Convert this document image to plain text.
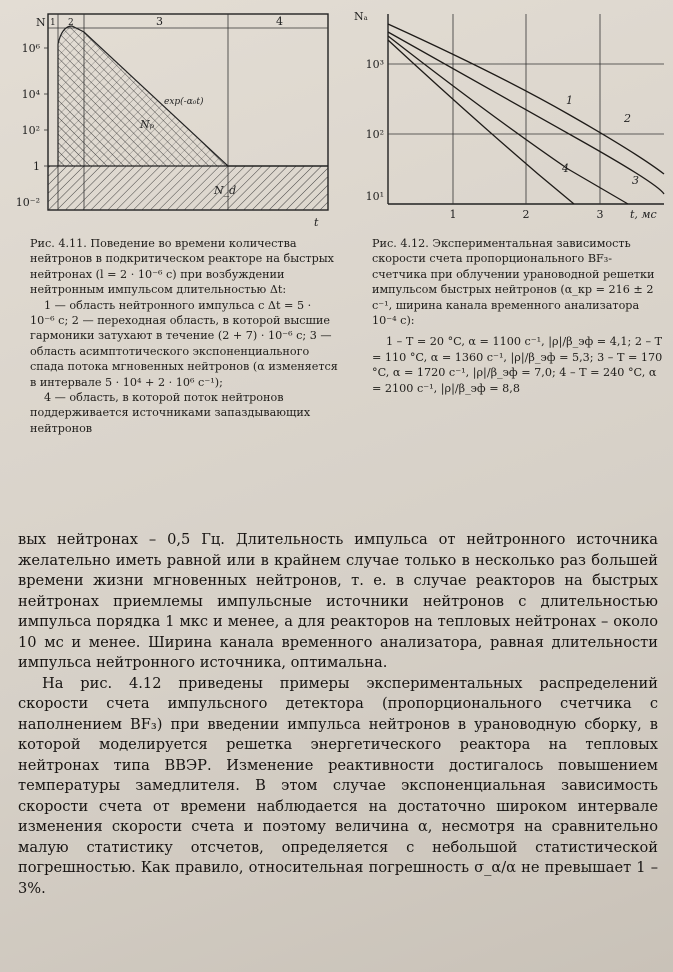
10⁶
10⁴
10²
1
10⁻²
N
t
1 2	3	4
exp(-α₀t)
Nₚ
N_d
1
2
3
4
Nₐ
10³
10²
10¹
1	2	3 t, мс

Рис. 4.11. Поведение во времени количества нейтронов в подкритическом реакторе на быстрых нейтронах (l = 2 · 10⁻⁶ с) при возбуждении нейтронным импульсом длительностью Δt:

1 — область нейтронного импульса с Δt = 5 · 10⁻⁶ с; 2 — переходная область, в которой высшие гармоники затухают в течение (2 + 7) · 10⁻⁶ с; 3 — область асимптотического экспоненциального спада потока мгновенных нейтронов (α изменяется в интервале 5 · 10⁴ + 2 · 10⁶ с⁻¹);

4 — область, в которой поток нейтронов поддерживается источниками запаздывающих нейтронов

Рис. 4.12. Экспериментальная зависимость скорости счета пропорционального BF₃-счетчика при облучении урановодной решетки импульсом быстрых нейтронов (α_кр = 216 ± 2 с⁻¹, ширина канала временного анализатора 10⁻⁴ с):

1 – T = 20 °C, α = 1100 с⁻¹, |ρ|/β_эф = 4,1; 2 – T = 110 °C, α = 1360 с⁻¹, |ρ|/β_эф = 5,3; 3 – T = 170 °C, α = 1720 с⁻¹, |ρ|/β_эф = 7,0; 4 – T = 240 °C, α = 2100 с⁻¹, |ρ|/β_эф = 8,8

вых нейтронах – 0,5 Гц. Длительность импульса от нейтронного источника желательно иметь равной или в крайнем случае только в несколько раз большей времени жизни мгновенных нейтронов, т. е. в случае реакторов на быстрых нейтронах приемлемы импульсные источники нейтронов с длительностью импульса порядка 1 мкс и менее, а для реакторов на тепловых нейтронах – около 10 мс и менее. Ширина канала временного анализатора, равная длительности импульса нейтронного источника, оптимальна.

На рис. 4.12 приведены примеры экспериментальных распределений скорости счета импульсного детектора (пропорционального счетчика с наполнением BF₃) при введении импульса нейтронов в урановодную сборку, в которой моделируется решетка энергетического реактора на тепловых нейтронах типа ВВЭР. Изменение реактивности достигалось повышением температуры замедлителя. В этом случае экспоненциальная зависимость скорости счета от времени наблюдается на достаточно широком интервале изменения скорости счета и поэтому величина α, несмотря на сравнительно малую статистику отсчетов, определяется с небольшой статистической погрешностью. Как правило, относительная погрешность σ_α/α не превышает 1 – 3%.
